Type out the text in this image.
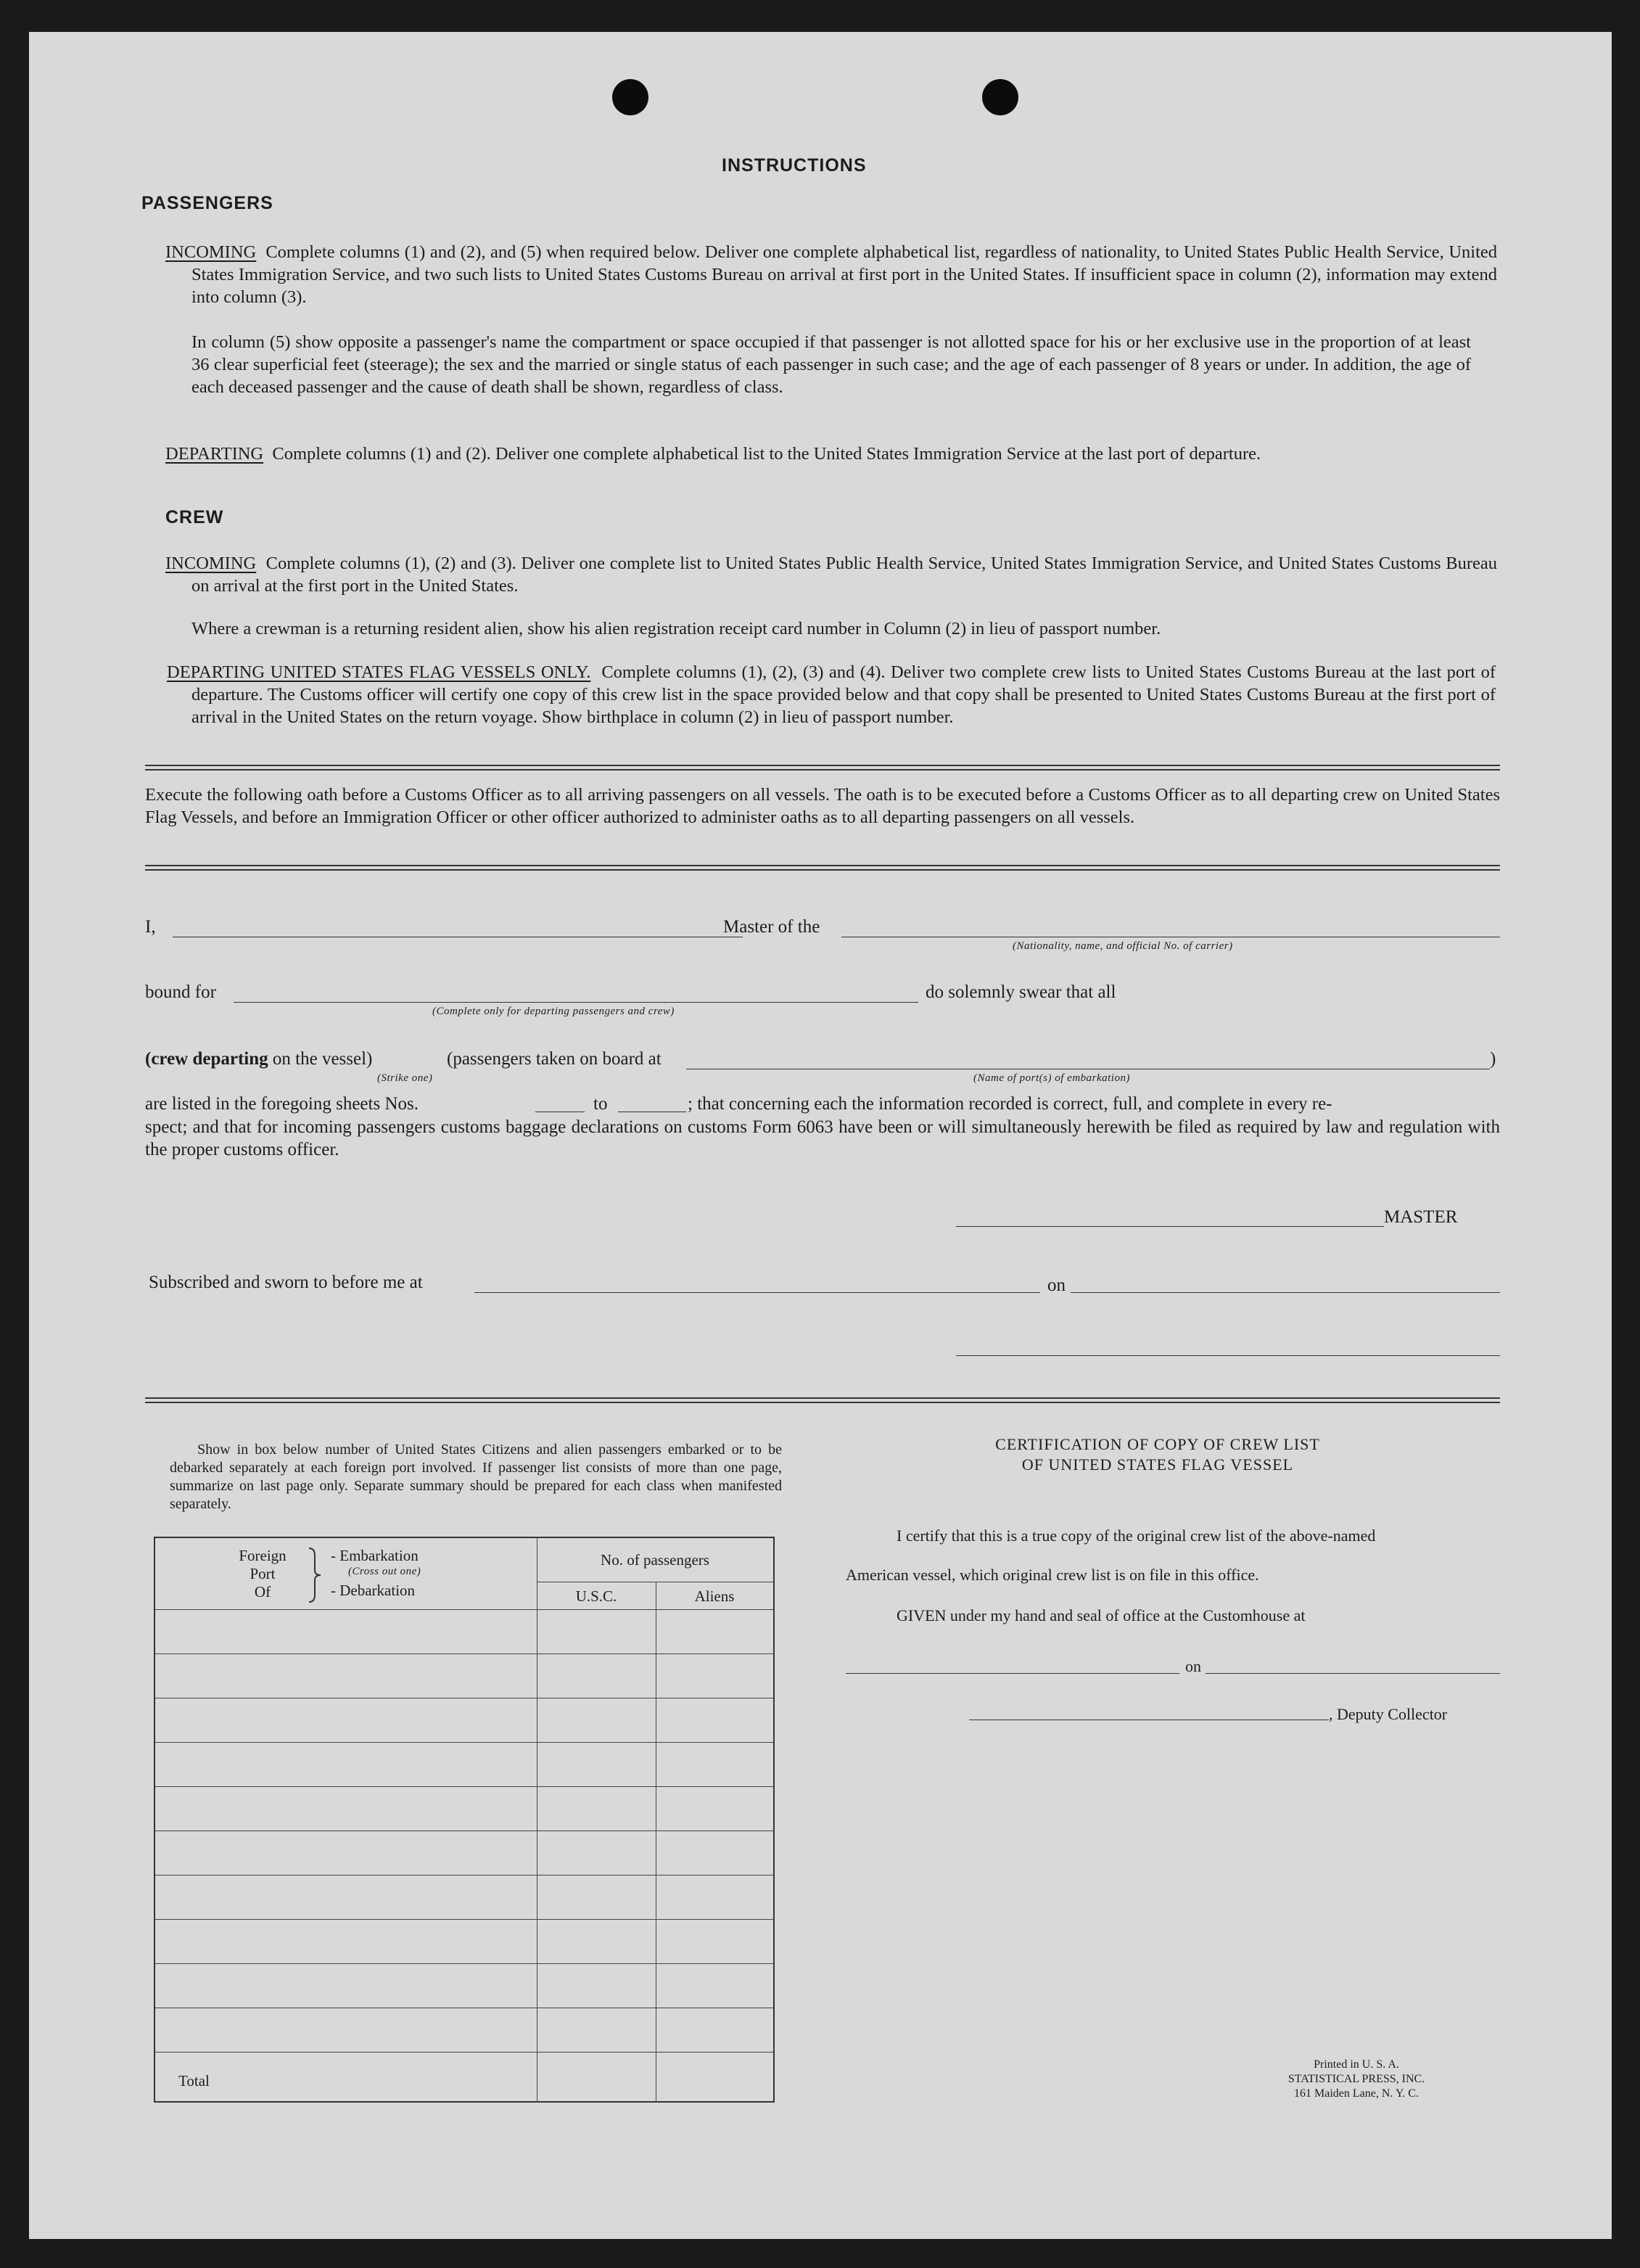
INSTRUCTIONS
PASSENGERS
INCOMING Complete columns (1) and (2), and (5) when required below. Deliver one complete alphabetical list, regardless of nationality, to United States Public Health Service, United States Immigration Service, and two such lists to United States Customs Bureau on arrival at first port in the United States. If insufficient space in column (2), information may extend into column (3).
In column (5) show opposite a passenger's name the compartment or space occupied if that passenger is not allotted space for his or her exclusive use in the proportion of at least 36 clear superficial feet (steerage); the sex and the married or single status of each passenger in such case; and the age of each passenger of 8 years or under. In addition, the age of each deceased passenger and the cause of death shall be shown, regardless of class.
DEPARTING Complete columns (1) and (2). Deliver one complete alphabetical list to the United States Immigration Service at the last port of departure.
CREW
INCOMING Complete columns (1), (2) and (3). Deliver one complete list to United States Public Health Service, United States Immigration Service, and United States Customs Bureau on arrival at the first port in the United States.
Where a crewman is a returning resident alien, show his alien registration receipt card number in Column (2) in lieu of passport number.
DEPARTING UNITED STATES FLAG VESSELS ONLY. Complete columns (1), (2), (3) and (4). Deliver two complete crew lists to United States Customs Bureau at the last port of departure. The Customs officer will certify one copy of this crew list in the space provided below and that copy shall be presented to United States Customs Bureau at the first port of arrival in the United States on the return voyage. Show birthplace in column (2) in lieu of passport number.
Execute the following oath before a Customs Officer as to all arriving passengers on all vessels. The oath is to be executed before a Customs Officer as to all departing crew on United States Flag Vessels, and before an Immigration Officer or other officer authorized to administer oaths as to all departing passengers on all vessels.
I,	Master of the
(Nationality, name, and official No. of carrier)
bound for
(Complete only for departing passengers and crew)
do solemnly swear that all
(crew departing on the vessel)
(Strike one)
(passengers taken on board at	)
(Name of port(s) of embarkation)
are listed in the foregoing sheets Nos.	to	; that concerning each the information recorded is correct, full, and complete in every re-
spect; and that for incoming passengers customs baggage declarations on customs Form 6063 have been or will simultaneously herewith be filed as required by law and regulation with the proper customs officer.
MASTER
Subscribed and sworn to before me at	on
Show in box below number of United States Citizens and alien passengers embarked or to be debarked separately at each foreign port involved. If passenger list consists of more than one page, summarize on last page only. Separate summary should be prepared for each class when manifested separately.
Foreign
Port
Of
- Embarkation
(Cross out one)
- Debarkation
No. of passengers
U.S.C.	Aliens
Total
CERTIFICATION OF COPY OF CREW LIST
OF UNITED STATES FLAG VESSEL
I certify that this is a true copy of the original crew list of the above-named
American vessel, which original crew list is on file in this office.
GIVEN under my hand and seal of office at the Customhouse at
on
, Deputy Collector
Printed in U. S. A.
STATISTICAL PRESS, INC.
161 Maiden Lane, N. Y. C.
